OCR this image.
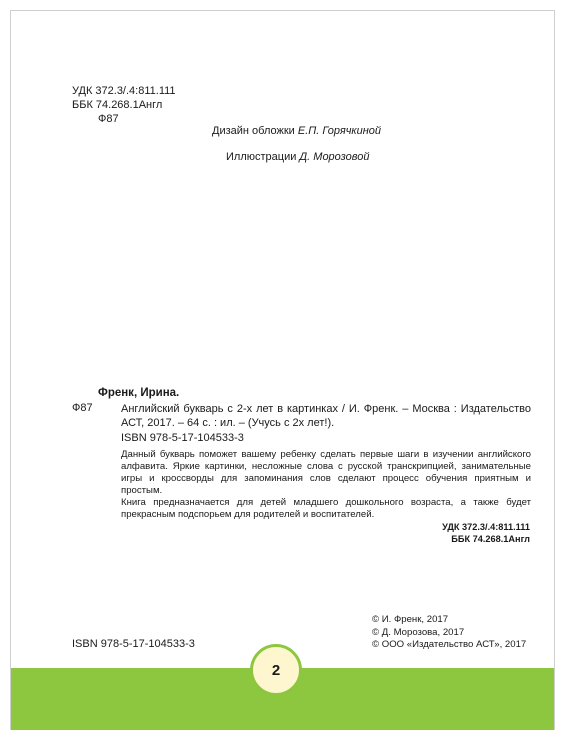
УДК 372.3/.4:811.111
ББК 74.268.1Англ
Ф87
Дизайн обложки Е.П. Горячкиной
Иллюстрации Д. Морозовой
Френк, Ирина.
Ф87	Английский букварь с 2-х лет в картинках / И. Френк. – Москва : Издательство АСТ, 2017. – 64 с. : ил. – (Учусь с 2х лет!).
ISBN 978-5-17-104533-3

Данный букварь поможет вашему ребенку сделать первые шаги в изучении английского алфавита. Яркие картинки, несложные слова с русской транскрипцией, занимательные игры и кроссворды для запоминания слов сделают процесс обучения приятным и простым.

Книга предназначается для детей младшего дошкольного возраста, а также будет прекрасным подспорьем для родителей и воспитателей.

УДК 372.3/.4:811.111
ББК 74.268.1Англ
© И. Френк, 2017
© Д. Морозова, 2017
© ООО «Издательство АСТ», 2017
ISBN 978-5-17-104533-3
2
